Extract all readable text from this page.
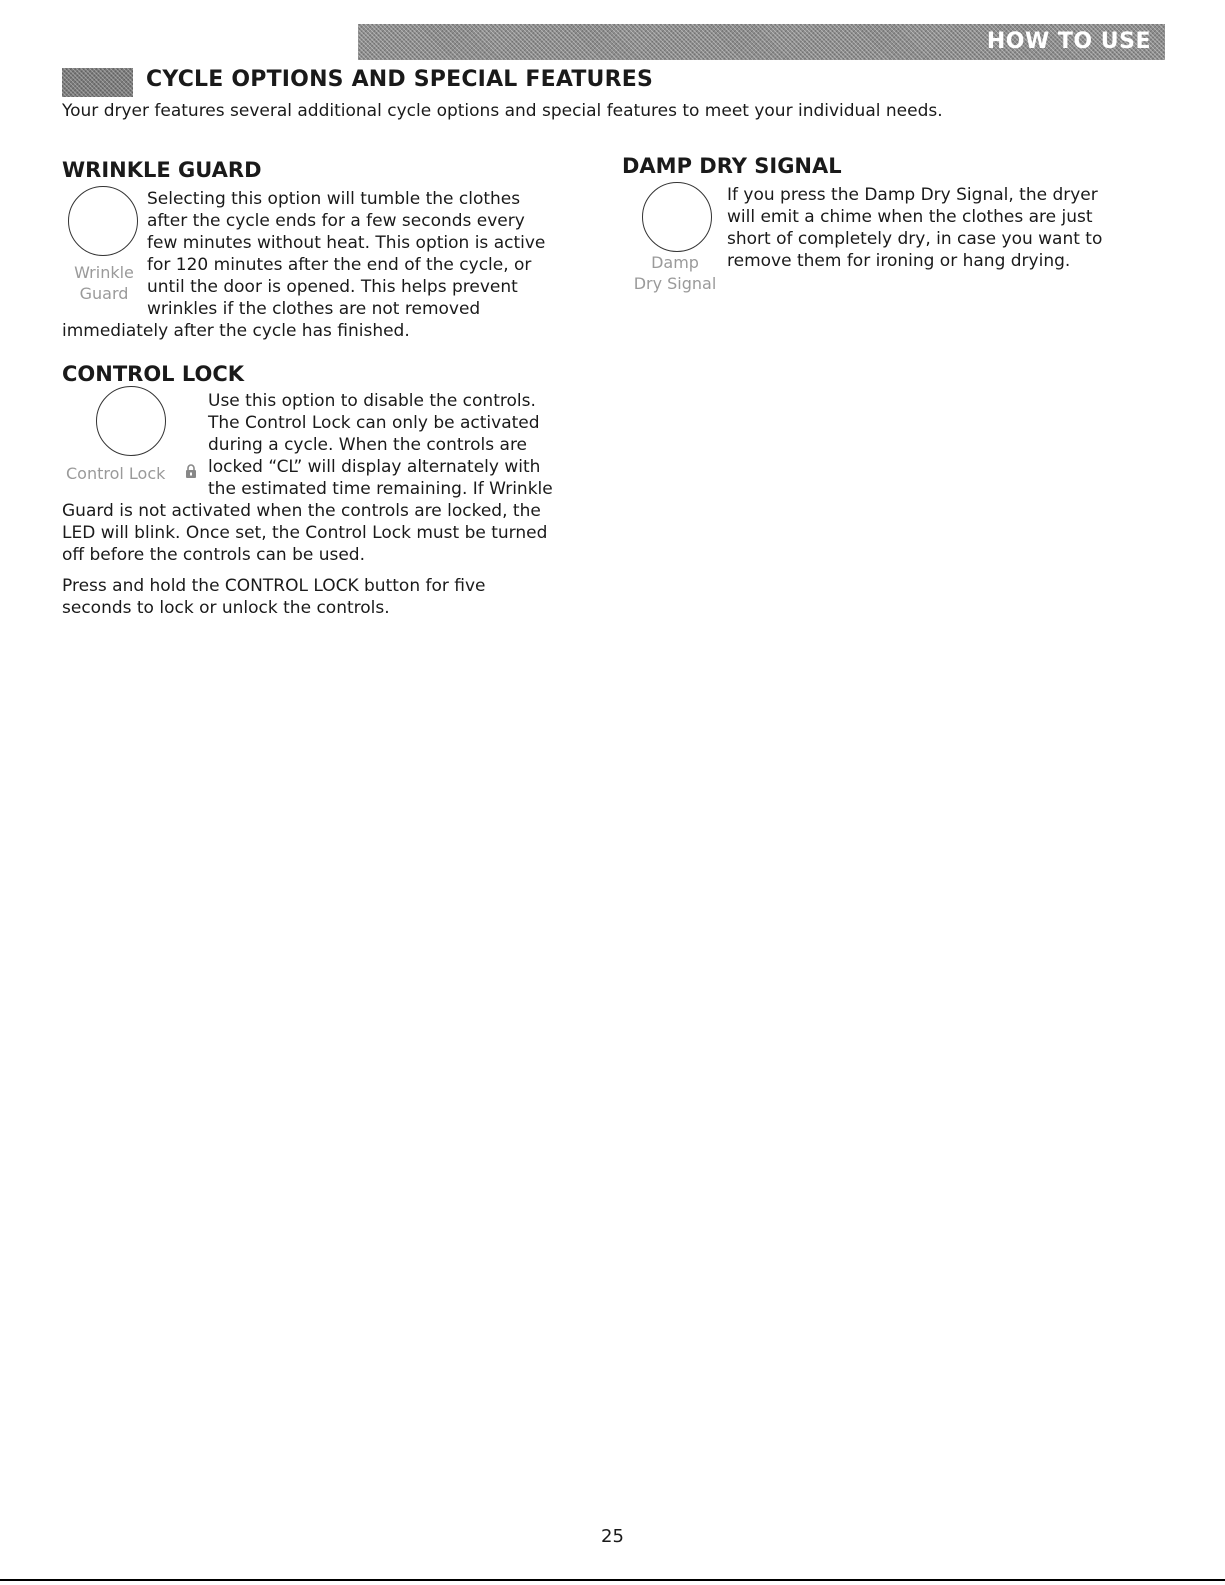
HOW TO USE
CYCLE OPTIONS AND SPECIAL FEATURES
Your dryer features several additional cycle options and special features to meet your individual needs.
WRINKLE GUARD
Wrinkle
Guard
Selecting this option will tumble the clothes
after the cycle ends for a few seconds every
few minutes without heat. This option is active
for 120 minutes after the end of the cycle, or
until the door is opened. This helps prevent
wrinkles if the clothes are not removed
immediately after the cycle has finished.
CONTROL LOCK
Control Lock
Use this option to disable the controls.
The Control Lock can only be activated
during a cycle. When the controls are
locked “CL” will display alternately with
the estimated time remaining. If Wrinkle
Guard is not activated when the controls are locked, the
LED will blink. Once set, the Control Lock must be turned
off before the controls can be used.
Press and hold the CONTROL LOCK button for five
seconds to lock or unlock the controls.
DAMP DRY SIGNAL
Damp
Dry Signal
If you press the Damp Dry Signal, the dryer
will emit a chime when the clothes are just
short of completely dry, in case you want to
remove them for ironing or hang drying.
25
